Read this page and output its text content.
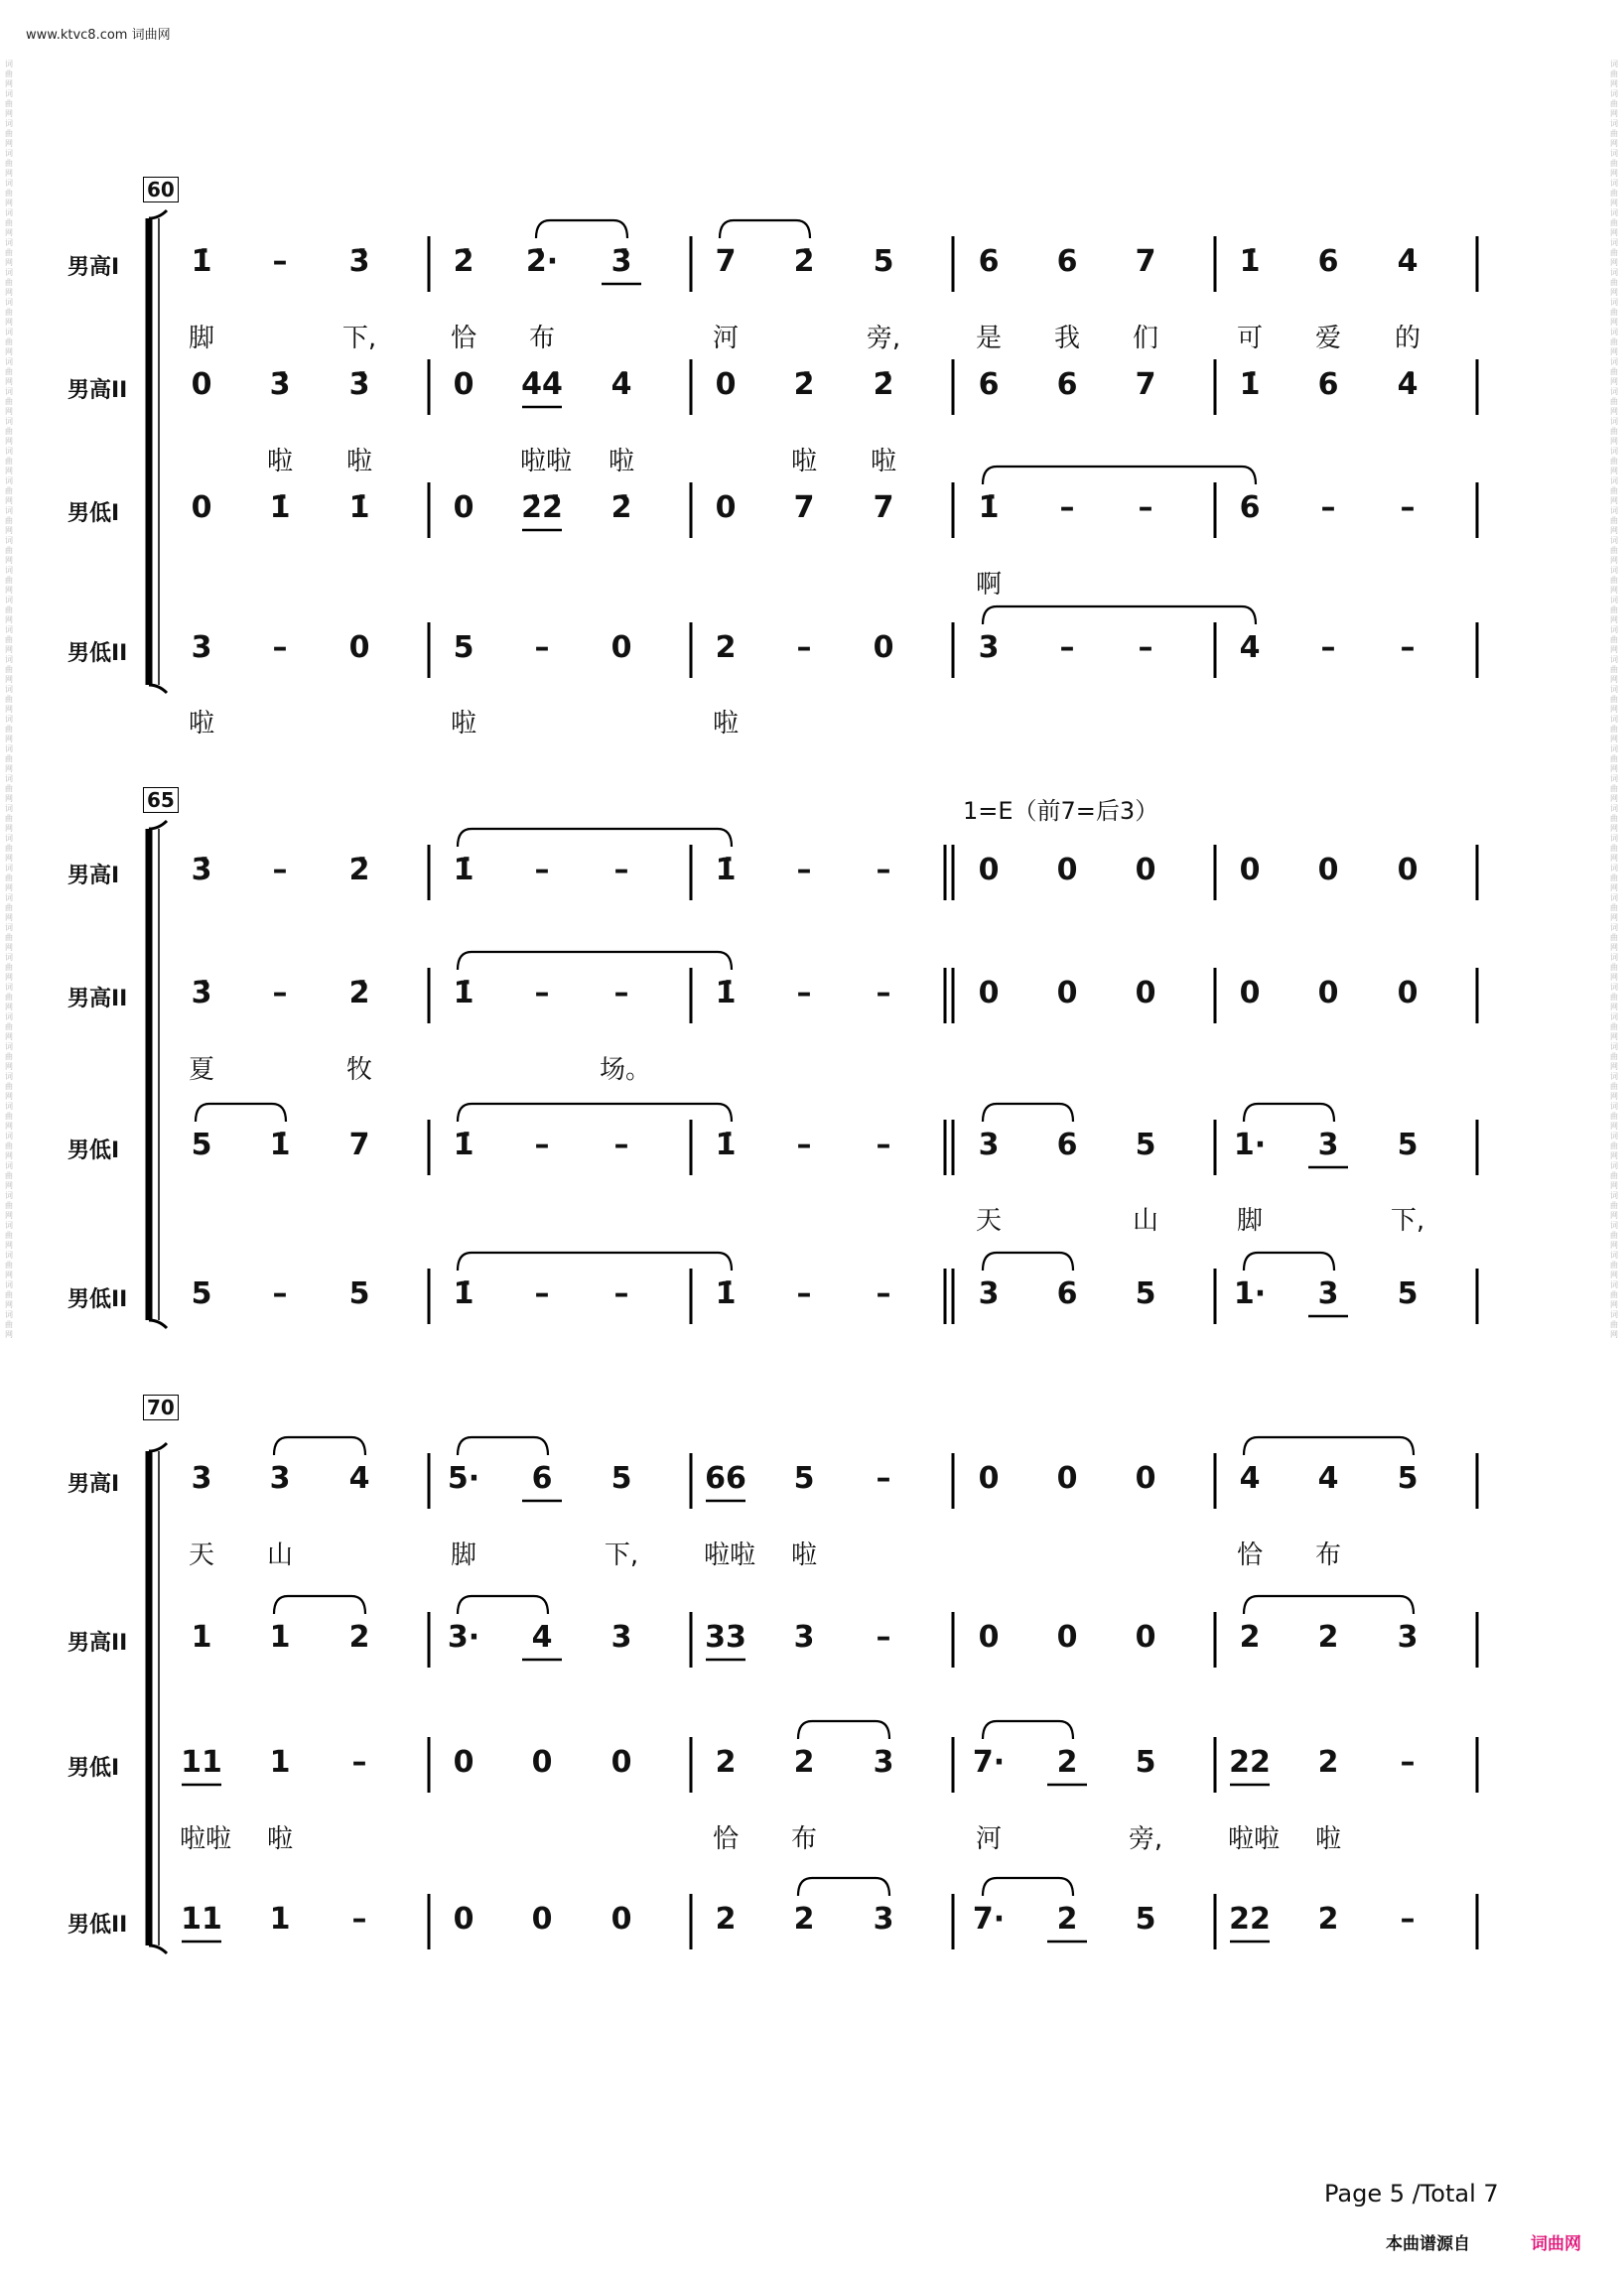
www.ktvc8.com 词曲网
词曲网词曲网词曲网词曲网词曲网词曲网词曲网词曲网词曲网词曲网词曲网词曲网词曲网词曲网词曲网词曲网词曲网词曲网词曲网词曲网词曲网词曲网词曲网词曲网词曲网词曲网词曲网词曲网词曲网词曲网词曲网词曲网词曲网词曲网词曲网词曲网词曲网词曲网词曲网词曲网词曲网词曲网词曲网
词曲网词曲网词曲网词曲网词曲网词曲网词曲网词曲网词曲网词曲网词曲网词曲网词曲网词曲网词曲网词曲网词曲网词曲网词曲网词曲网词曲网词曲网词曲网词曲网词曲网词曲网词曲网词曲网词曲网词曲网词曲网词曲网词曲网词曲网词曲网词曲网词曲网词曲网词曲网词曲网词曲网词曲网词曲网
60
男高I	1̇	–	3̇	2̇	2̇·	3̇	7	2̇	5	6	6	7	1̇	6	4̇
脚	下,	恰	布	河	旁,	是	我	们	可	爱	的
男高II	0	3̇	3̇	0	4̇4̇	4̇	0	2̇	2̇	6	6	7	1̇	6	4̇
啦	啦	啦啦	啦	啦	啦
男低I	0	1̇	1̇	0	2̇2̇	2̇	0	7	7	1̇	–	–	6	–	–
啊
男低II	3	–	0	5	–	0	2	–	0	3	–	–	4	–	–
啦	啦	啦
65	1=E（前7=后3）
男高I	3̇	–	2̇	1̇	–	–	1̇	–	–	0	0	0	0	0	0
男高II	3̇	–	2̇	1̇	–	–	1̇	–	–	0	0	0	0	0	0
夏	牧	场。
男低I	5	1̇	7	1̇	–	–	1̇	–	–	3	6	5	1·	3	5
天	山	脚	下,
男低II	5	–	5	1̇	–	–	1̇	–	–	3	6	5	1·	3	5
70
男高I	3	3	4	5·	6	5	66	5	–	0	0	0	4	4	5
天	山	脚	下,	啦啦	啦	恰	布
男高II	1	1	2	3·	4	3	33	3	–	0	0	0	2	2	3
男低I 11	1	–	0	0	0	2	2	3	7·	2	5	22	2	–
啦啦	啦	恰	布	河	旁,	啦啦	啦
男低II 11	1	–	0	0	0	2	2	3	7·	2	5	22	2	–
Page 5 /Total 7
本曲谱源自	词曲网
